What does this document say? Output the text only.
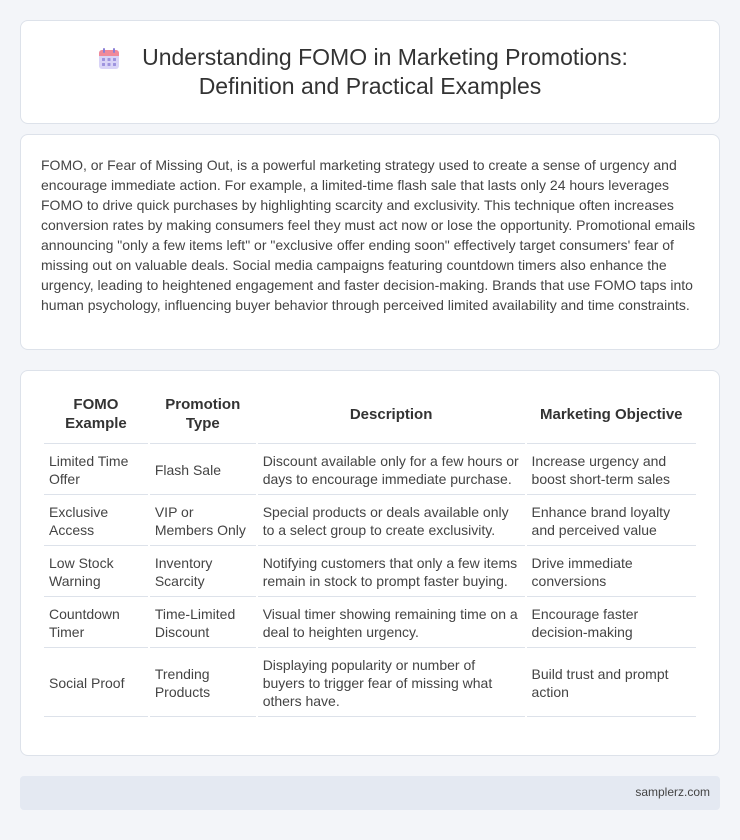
Understanding FOMO in Marketing Promotions:
Definition and Practical Examples

FOMO, or Fear of Missing Out, is a powerful marketing strategy used to create a sense of urgency and encourage immediate action. For example, a limited-time flash sale that lasts only 24 hours leverages FOMO to drive quick purchases by highlighting scarcity and exclusivity. This technique often increases conversion rates by making consumers feel they must act now or lose the opportunity. Promotional emails announcing "only a few items left" or "exclusive offer ending soon" effectively target consumers' fear of missing out on valuable deals. Social media campaigns featuring countdown timers also enhance the urgency, leading to heightened engagement and faster decision-making. Brands that use FOMO taps into human psychology, influencing buyer behavior through perceived limited availability and time constraints.

FOMO Example	Promotion Type	Description	Marketing Objective
Limited Time Offer	Flash Sale	Discount available only for a few hours or days to encourage immediate purchase.	Increase urgency and boost short-term sales
Exclusive Access	VIP or Members Only	Special products or deals available only to a select group to create exclusivity.	Enhance brand loyalty and perceived value
Low Stock Warning	Inventory Scarcity	Notifying customers that only a few items remain in stock to prompt faster buying.	Drive immediate conversions
Countdown Timer	Time-Limited Discount	Visual timer showing remaining time on a deal to heighten urgency.	Encourage faster decision-making
Social Proof	Trending Products	Displaying popularity or number of buyers to trigger fear of missing what others have.	Build trust and prompt action
samplerz.com
